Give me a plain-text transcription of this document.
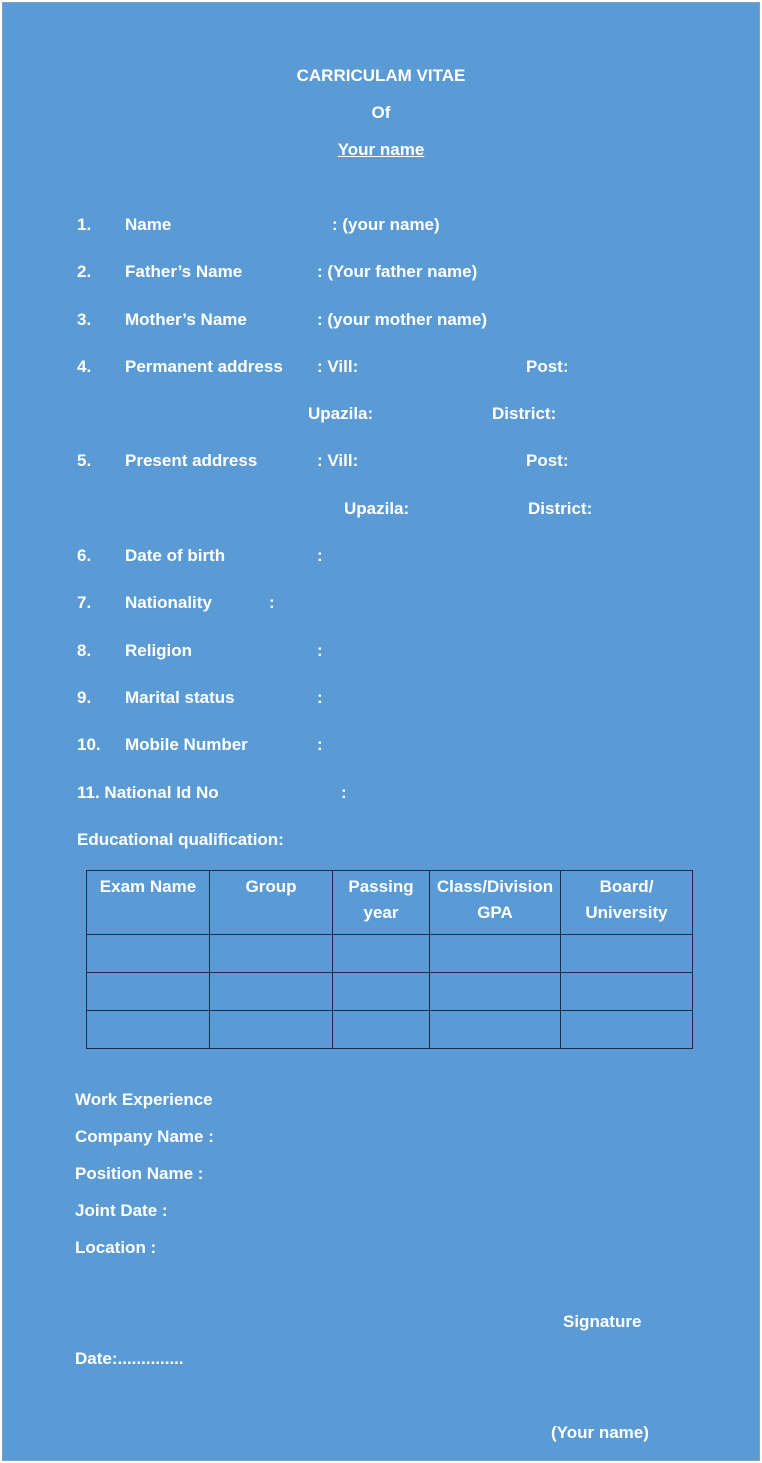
CARRICULAM VITAE
Of
Your name
1. Name	: (your name)
2. Father’s Name	: (Your father name)
3. Mother’s Name	: (your mother name)
4. Permanent address : Vill:	Post:
Upazila:	District:
5. Present address	: Vill:	Post:
Upazila:	District:
6. Date of birth	:
7. Nationality	:
8. Religion	:
9. Marital status	:
10. Mobile Number	:
11. National Id No	:
Educational qualification:
Exam Name	Group	Passing year	Class/Division GPA	Board/ University

Work Experience
Company Name :
Position Name :
Joint Date :
Location :
Signature
Date:..............
(Your name)
